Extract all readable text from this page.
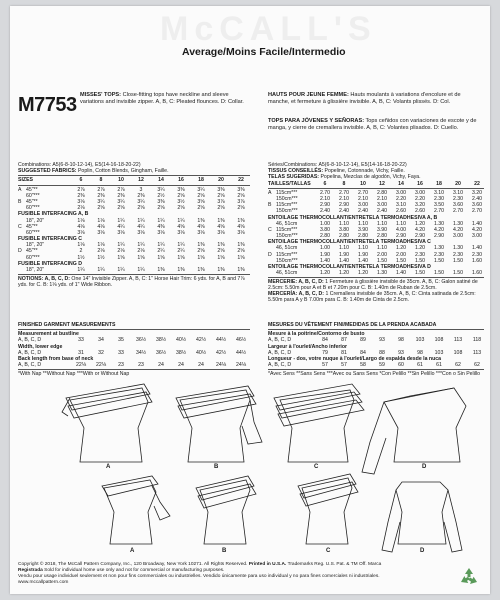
McCALL'S
Average/Moins Facile/Intermedio
M7753 MISSES' TOPS: Close-fitting tops have neckline and sleeve variations and invisible zipper. A, B, C: Pleated flounces. D: Collar.
HAUTS POUR JEUNE FEMME: Hauts moulants à variations d'encolure et de manche, et fermeture à glissière invisible. A, B, C: Volants plissés. D: Col.
TOPS PARA JÓVENES Y SEÑORAS: Tops ceñidos con variaciones de escote y de manga, y cierre de cremallera invisible. A, B, C: Volantes plisados. D: Cuello.
Combinations: A5(6-8-10-12-14), E5(14-16-18-20-22)
SUGGESTED FABRICS: Poplin, Cotton Blends, Gingham, Faille.
SIZES	6	8	10	12	14	16	18	20	22
A 45"**	2⅞	2⅞	2⅞	3	3¼	3⅜	3¼	3⅜	3⅜
60"***	2⅜	2⅜	2⅜	2⅜	2½	2⅝	2⅝	2⅝	2⅝
B 45"**	3⅛	3¼	3¼	3¼	3⅜	3½	3⅝	3⅞	3⅞
60"***	2⅛	2⅝	2⅝	2⅝	2⅝	2⅝	2⅝	2⅝	2⅝
FUSIBLE INTERFACING A, B
18", 20"	1⅛	1⅛	1¼	1¼	1¼	1¼	1⅜	1⅜	1⅜
C 45"**	4⅛	4⅛	4¼	4¼	4⅜	4⅝	4⅝	4⅝	4⅝
60"***	3⅛	3⅛	3⅛	3⅛	3⅛	3⅛	3⅛	3⅛	3⅛
FUSIBLE INTERFACING C
18", 20"	1⅛	1⅛	1¼	1¼	1¼	1¼	1⅜	1⅜	1⅜
D 45"**	2	2⅛	2⅛	2⅛	2¼	2¼	2⅝	2⅝	2⅝
60"***	1½	1½	1⅝	1⅝	1⅝	1⅝	1⅝	1⅝	1⅝
FUSIBLE INTERFACING D
18", 20"	1¼	1¼	1¼	1¼	1⅜	1⅜	1⅜	1⅜	1⅜
NOTIONS: A, B, C, D: One 14" Invisible Zipper. A, B, C: 1" Horse Hair Trim: 6 yds. for A, B and 7⅞ yds. for C. B: 1⅛ yds. of 1" Wide Ribbon.
Séries/Combinations: A5(6-8-10-12-14), E5(14-16-18-20-22)
TISSUS CONSEILLÉS: Popeline, Cotonnade, Vichy, Faille.
TELAS SUGERIDAS: Popelina, Mezclas de algodón, Vichy, Faya.
TAILLES/TALLAS	6	8	10	12	14	16	18	20	22
A 115cm***	2.70	2.70	2.70	2.80	3.00	3.00	3.10	3.10	3.20
150cm***	2.10	2.10	2.10	2.10	2.20	2.20	2.30	2.30	2.40
B 115cm***	2.90	2.90	3.00	3.00	3.10	3.20	3.50	3.60	3.60
150cm***	2.40	2.40	2.40	2.40	2.60	2.60	2.70	2.70	2.70
ENTOILAGE THERMOCOLLANT/ENTRETELA TERMOADHESIVA A, B
46, 51cm	1.00	1.10	1.10	1.10	1.10	1.20	1.30	1.30	1.40
C 115cm***	3.80	3.80	3.90	3.90	4.00	4.20	4.20	4.20	4.20
150cm***	2.80	2.80	2.80	2.80	2.90	2.90	2.90	3.00	3.00
ENTOILAGE THERMOCOLLANT/ENTRETELA TERMOADHESIVA C
46, 51cm	1.00	1.10	1.10	1.10	1.20	1.20	1.30	1.30	1.40
D 115cm***	1.90	1.90	1.90	2.00	2.00	2.30	2.30	2.30	2.30
150cm***	1.40	1.40	1.40	1.50	1.50	1.50	1.50	1.50	1.60
ENTOILAGE THERMOCOLLANT/ENTRETELA TERMOADHESIVA D
46, 51cm	1.20	1.20	1.20	1.30	1.40	1.50	1.50	1.50	1.60
MERCERIE: A, B, C, D: 1 Fermeture à glissière invisible de 35cm. A, B, C: Galon satiné de 2.5cm: 5.50m pour A et B et 7.20m pour C. B: 1.40m de Ruban de 2.5cm.
MERCERÍA: A, B, C, D: 1 Cremallera invisible de 35cm. A, B, C: Cinta satinada de 2.5cm: 5.50m para A y B 7.00m para C. B: 1.40m de Cinta de 2.5cm.
FINISHED GARMENT MEASUREMENTS
Measurement at bustline
A, B, C, D	33	34	35	36½	38½	40½	42½	44½	46½
Width, lower edge
A, B, C, D	31	32	33	34½	36½	38½	40½	42½	44½
Back length from base of neck
A, B, C, D	22⅛	22⅛	23	23	24	24	24	24⅛	24⅛
*With Nap **Without Nap ***With or Without Nap
MESURES DU VÊTEMENT FINI/MEDIDAS DE LA PRENDA ACABADA
Mesure à la poitrine/Contorno de busto
A, B, C, D	84	87	89	93	98	103	108	113	118
Largeur à l'ourlet/Ancho inferior
A, B, C, D	79	81	84	88	93	98	103	108	113
Longueur - dos, votre nuque à l'ourlet/Largo de espalda desde la nuca
A, B, C, D	57	57	58	59	60	61	61	62	62
*Avec Sens **Sans Sens ***Avec ou Sans Sens *Con Pelillo **Sin Pelillo ***Con o Sin Pelillo
A	B	C	D
A	B	C	D
Copyright © 2018, The McCall Pattern Company, Inc., 120 Broadway, New York 10271. All Rights Reserved. Printed in U.S.A. Trademarks Reg. U.S. Pat. & TM Off. Marca
Registrada Sold for individual home use only and not for commercial or manufacturing purposes.
Vendu pour usage individuel seulement et non pour fins commerciales ou industrielles. Vendido únicamente para uso individual y no para fines comerciales ni industriales. www.mccallpattern.com
